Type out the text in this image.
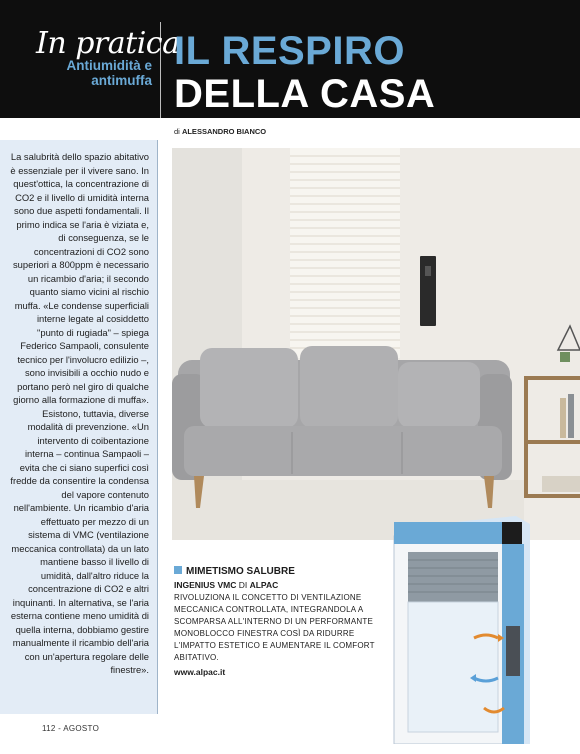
In pratica
Antiumidità e
antimuffa
IL RESPIRO
DELLA CASA
di ALESSANDRO BIANCO
La salubrità dello spazio abitativo è essenziale per il vivere sano. In quest'ottica, la concentrazione di CO2 e il livello di umidità interna sono due aspetti fondamentali. Il primo indica se l'aria è viziata e, di conseguenza, se le concentrazioni di CO2 sono superiori a 800ppm è necessario un ricambio d'aria; il secondo quanto siamo vicini al rischio muffa. «Le condense superficiali interne legate al cosiddetto "punto di rugiada" – spiega Federico Sampaoli, consulente tecnico per l'involucro edilizio –, sono invisibili a occhio nudo e portano però nel giro di qualche giorno alla formazione di muffa». Esistono, tuttavia, diverse modalità di prevenzione. «Un intervento di coibentazione interna – continua Sampaoli – evita che ci siano superfici così fredde da consentire la condensa del vapore contenuto nell'ambiente. Un ricambio d'aria effettuato per mezzo di un sistema di VMC (ventilazione meccanica controllata) da un lato mantiene basso il livello di umidità, dall'altro riduce la concentrazione di CO2 e altri inquinanti. In alternativa, se l'aria esterna contiene meno umidità di quella interna, dobbiamo gestire manualmente il ricambio dell'aria con un'apertura regolare delle finestre».
MIMETISMO SALUBRE
INGENIUS VMC DI ALPAC
RIVOLUZIONA IL CONCETTO DI VENTILAZIONE MECCANICA CONTROLLATA, INTEGRANDOLA A SCOMPARSA ALL'INTERNO DI UN PERFORMANTE MONOBLOCCO FINESTRA COSÌ DA RIDURRE L'IMPATTO ESTETICO E AUMENTARE IL COMFORT ABITATIVO.
www.alpac.it
112 - AGOSTO
